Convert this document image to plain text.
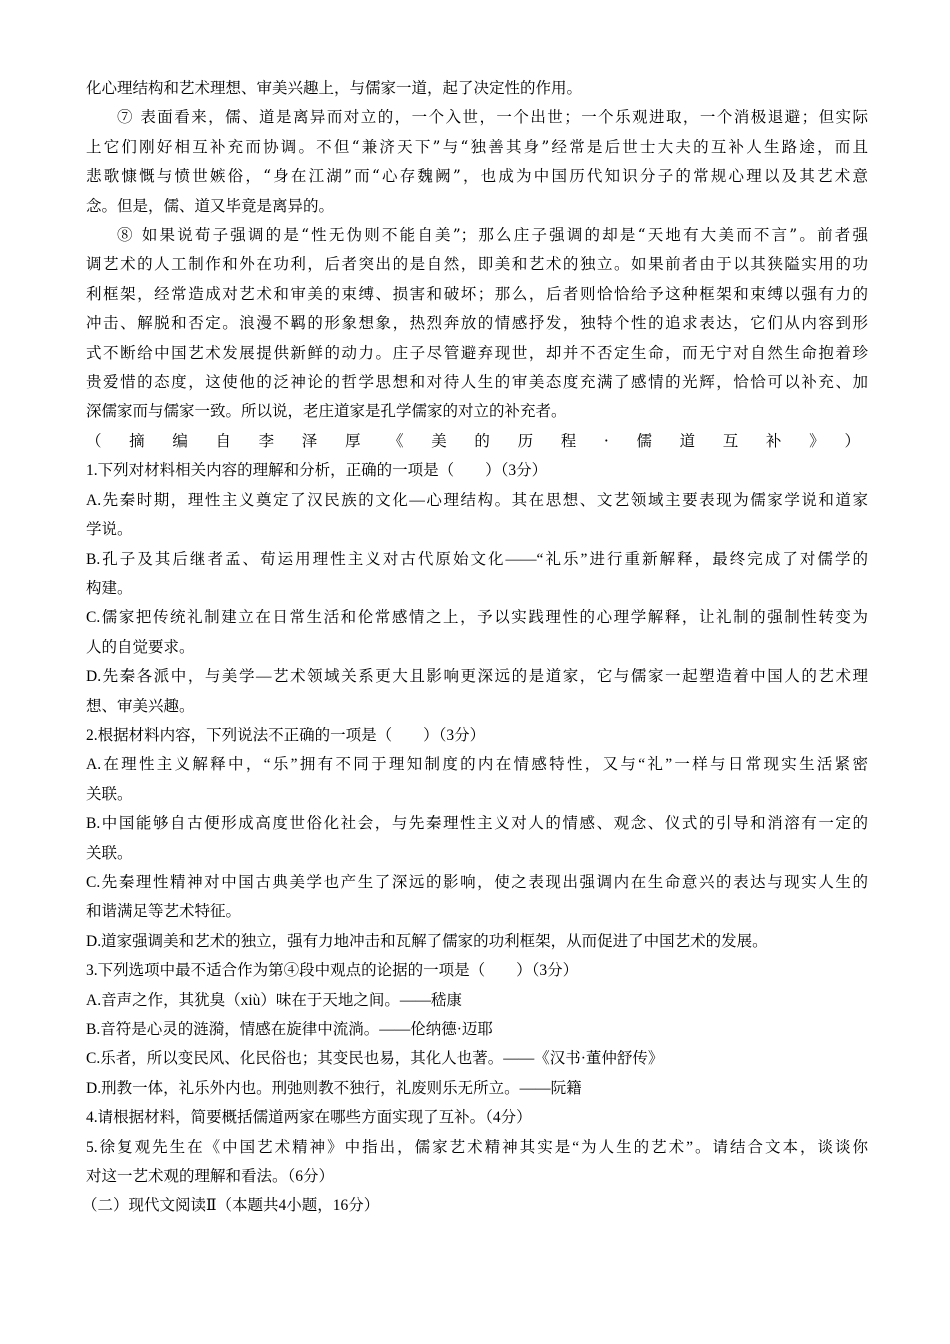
化心理结构和艺术理想、审美兴趣上，与儒家一道，起了决定性的作用。
⑦ 表面看来，儒、道是离异而对立的，一个入世，一个出世；一个乐观进取，一个消极退避；但实际
上它们刚好相互补充而协调。不但“兼济天下”与“独善其身”经常是后世士大夫的互补人生路途，而且
悲歌慷慨与愤世嫉俗，“身在江湖”而“心存魏阙”，也成为中国历代知识分子的常规心理以及其艺术意
念。但是，儒、道又毕竟是离异的。
⑧ 如果说荀子强调的是“性无伪则不能自美”；那么庄子强调的却是“天地有大美而不言”。前者强
调艺术的人工制作和外在功利，后者突出的是自然，即美和艺术的独立。如果前者由于以其狭隘实用的功
利框架，经常造成对艺术和审美的束缚、损害和破坏；那么，后者则恰恰给予这种框架和束缚以强有力的
冲击、解脱和否定。浪漫不羁的形象想象，热烈奔放的情感抒发，独特个性的追求表达，它们从内容到形
式不断给中国艺术发展提供新鲜的动力。庄子尽管避弃现世，却并不否定生命，而无宁对自然生命抱着珍
贵爱惜的态度，这使他的泛神论的哲学思想和对待人生的审美态度充满了感情的光辉，恰恰可以补充、加
深儒家而与儒家一致。所以说，老庄道家是孔学儒家的对立的补充者。
（摘编自李泽厚《美的历程·儒道互补》）
1.下列对材料相关内容的理解和分析，正确的一项是（　　）（3分）
A.先秦时期，理性主义奠定了汉民族的文化—心理结构。其在思想、文艺领域主要表现为儒家学说和道家
学说。
B.孔子及其后继者孟、荀运用理性主义对古代原始文化——“礼乐”进行重新解释，最终完成了对儒学的
构建。
C.儒家把传统礼制建立在日常生活和伦常感情之上，予以实践理性的心理学解释，让礼制的强制性转变为
人的自觉要求。
D.先秦各派中，与美学—艺术领域关系更大且影响更深远的是道家，它与儒家一起塑造着中国人的艺术理
想、审美兴趣。
2.根据材料内容，下列说法不正确的一项是（　　）（3分）
A.在理性主义解释中，“乐”拥有不同于理知制度的内在情感特性，又与“礼”一样与日常现实生活紧密
关联。
B.中国能够自古便形成高度世俗化社会，与先秦理性主义对人的情感、观念、仪式的引导和消溶有一定的
关联。
C.先秦理性精神对中国古典美学也产生了深远的影响，使之表现出强调内在生命意兴的表达与现实人生的
和谐满足等艺术特征。
D.道家强调美和艺术的独立，强有力地冲击和瓦解了儒家的功利框架，从而促进了中国艺术的发展。
3.下列选项中最不适合作为第④段中观点的论据的一项是（　　）（3分）
A.音声之作，其犹臭（xiù）味在于天地之间。——嵇康
B.音符是心灵的涟漪，情感在旋律中流淌。——伦纳德·迈耶
C.乐者，所以变民风、化民俗也；其变民也易，其化人也著。——《汉书·董仲舒传》
D.刑教一体，礼乐外内也。刑弛则教不独行，礼废则乐无所立。——阮籍
4.请根据材料，简要概括儒道两家在哪些方面实现了互补。（4分）
5.徐复观先生在《中国艺术精神》中指出，儒家艺术精神其实是“为人生的艺术”。请结合文本，谈谈你
对这一艺术观的理解和看法。（6分）
（二）现代文阅读Ⅱ（本题共4小题，16分）
